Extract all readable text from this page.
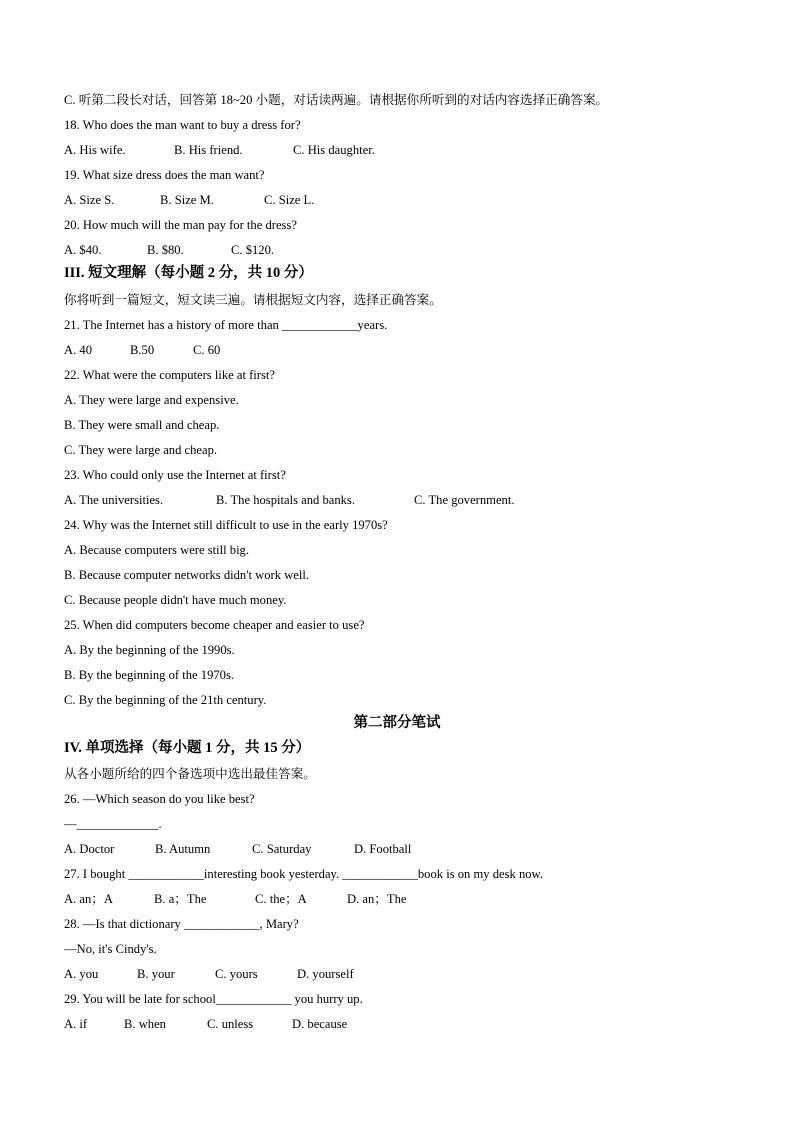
C. 听第二段长对话，回答第 18~20 小题，对话读两遍。请根据你所听到的对话内容选择正确答案。
18. Who does the man want to buy a dress for?
A. His wife.	B. His friend.	C. His daughter.
19. What size dress does the man want?
A. Size S.	B. Size M.	C. Size L.
20. How much will the man pay for the dress?
A. $40.	B. $80.	C. $120.
III. 短文理解（每小题 2 分，共 10 分）
你将听到一篇短文，短文读三遍。请根据短文内容，选择正确答案。
21. The Internet has a history of more than ____________years.
A. 40	B.50	C. 60
22. What were the computers like at first?
A. They were large and expensive.
B. They were small and cheap.
C. They were large and cheap.
23. Who could only use the Internet at first?
A. The universities.	B. The hospitals and banks.	C. The government.
24. Why was the Internet still difficult to use in the early 1970s?
A. Because computers were still big.
B. Because computer networks didn't work well.
C. Because people didn't have much money.
25. When did computers become cheaper and easier to use?
A. By the beginning of the 1990s.
B. By the beginning of the 1970s.
C. By the beginning of the 21th century.
第二部分笔试
IV. 单项选择（每小题 1 分，共 15 分）
从各小题所给的四个备选项中选出最佳答案。
26. —Which season do you like best?
—_____________.
A. Doctor	B. Autumn	C. Saturday	D. Football
27. I bought ____________interesting book yesterday. ____________book is on my desk now.
A. an；A	B. a；The	C. the；A	D. an；The
28. —Is that dictionary ____________, Mary?
—No, it's Cindy's.
A. you	B. your	C. yours	D. yourself
29. You will be late for school____________ you hurry up.
A. if	B. when	C. unless	D. because
